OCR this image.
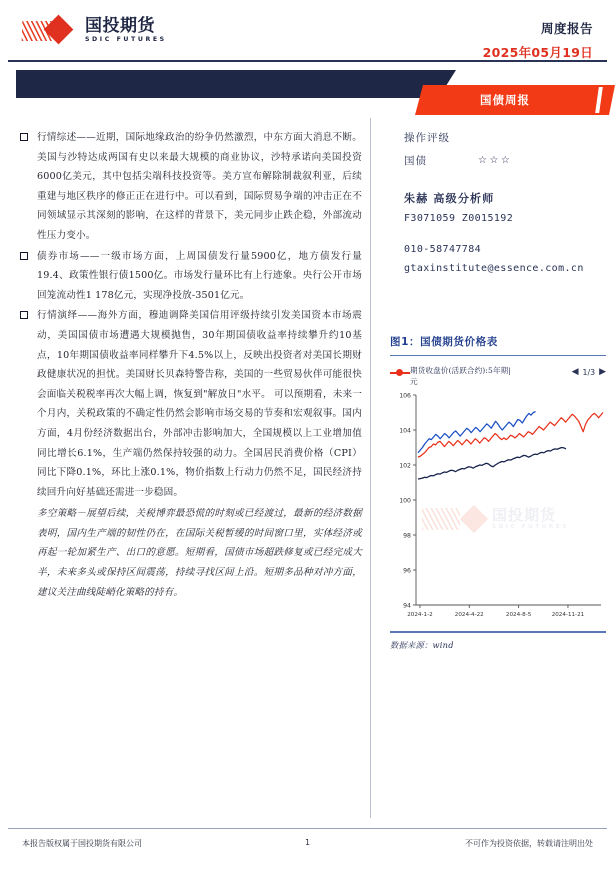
国投期货
SDIC FUTURES
周度报告
2025年05月19日
市场短期或陷入震荡
国债周报
行情综述——近期，国际地缘政治的纷争仍然激烈，中东方面大消息不断。美国与沙特达成两国有史以来最大规模的商业协议，沙特承诺向美国投资6000亿美元，其中包括尖端科技投资等。美方宣布解除制裁叙利亚，后续重建与地区秩序的修正正在进行中。可以看到，国际贸易争端的冲击正在不同领域显示其深刻的影响，在这样的背景下，美元同步止跌企稳，外部流动性压力变小。
债券市场——一级市场方面，上周国债发行量5900亿，地方债发行量19.4、政策性银行债1500亿。市场发行量环比有上行迹象。央行公开市场回笼流动性1 178亿元，实现净投放-3501亿元。
行情演绎——海外方面，穆迪调降美国信用评级持续引发美国资本市场震动，美国国债市场遭遇大规模抛售，30年期国债收益率持续攀升约10基点，10年期国债收益率同样攀升下4.5%以上，反映出投资者对美国长期财政健康状况的担忧。美国财长贝森特警告称，美国的一些贸易伙伴可能很快会面临关税税率再次大幅上调，恢复到"解放日"水平。 可以预期看，未来一个月内，关税政策的不确定性仍然会影响市场交易的节奏和宏观叙事。国内方面，4月份经济数据出台，外部冲击影响加大，全国规模以上工业增加值同比增长6.1%，生产端仍然保持较强的动力。全国居民消费价格（CPI）同比下降0.1%，环比上涨0.1%，物价指数上行动力仍然不足，国民经济持续回升向好基础还需进一步稳固。
多空策略－展望后续，关税博弈最恐慌的时刻或已经渡过，最新的经济数据表明，国内生产端的韧性仍在，在国际关税暂缓的时间窗口里，实体经济或再起一轮加紧生产、出口的意愿。短期看，国债市场超跌修复或已经完成大半，未来多头或保持区间震荡，持续寻找区间上沿。短期多品种对冲方面，建议关注曲线陡峭化策略的持有。
操作评级
国债	☆☆☆
朱赫 高级分析师
F3071059 Z0015192
010-58747784
gtaxinstitute@essence.com.cn
图1：国债期货价格表
期货收盘价(活跃合约):5年期|
元
◀ 1/3 ▶
106
104
102
100
98
96
94
2024-1-2	2024-4-22	2024-8-5	2024-11-21
国投期货
SDIC FUTURES
数据来源：wind
本报告版权属于国投期货有限公司	1	不可作为投资依据，转载请注明出处
